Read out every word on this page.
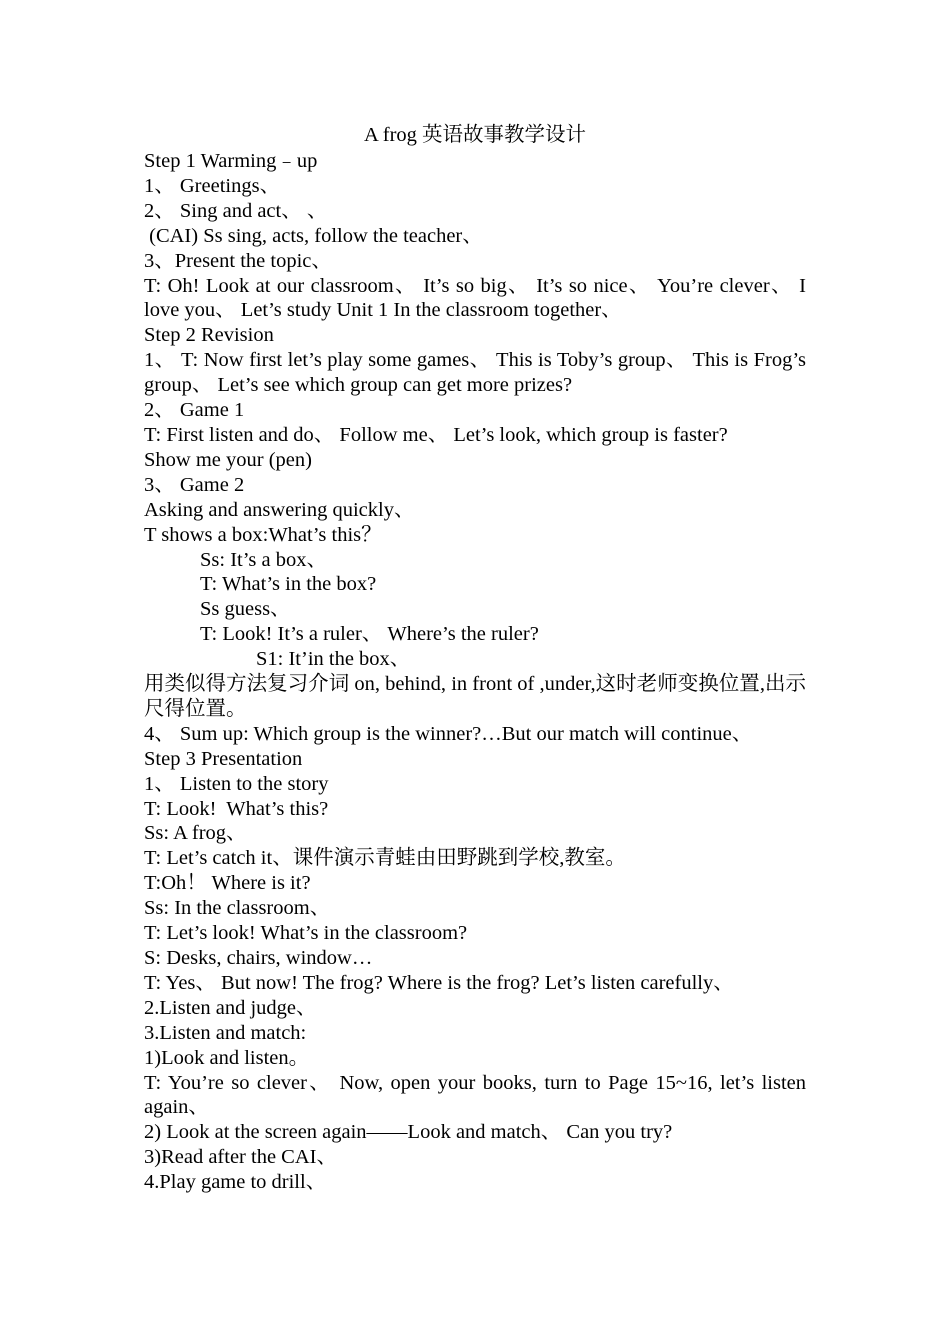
A frog 英语故事教学设计
Step 1 Warming﹣up
1、 Greetings、
2、 Sing and act、 、
(CAI) Ss sing, acts, follow the teacher、
3、Present the topic、
T: Oh! Look at our classroom、 It’s so big、 It’s so nice、 You’re clever、 I love you、 Let’s study Unit 1 In the classroom together、
Step 2 Revision
1、 T: Now first let’s play some games、 This is Toby’s group、 This is Frog’s group、 Let’s see which group can get more prizes?
2、 Game 1
T: First listen and do、 Follow me、 Let’s look, which group is faster?
Show me your (pen)
3、 Game 2
Asking and answering quickly、
T shows a box:What’s this？
Ss: It’s a box、
T: What’s in the box?
Ss guess、
T: Look! It’s a ruler、 Where’s the ruler?
S1: It’in the box、
用类似得方法复习介词 on, behind, in front of ,under,这时老师变换位置,出示尺得位置。
4、 Sum up: Which group is the winner?…But our match will continue、
Step 3 Presentation
1、 Listen to the story
T: Look!  What’s this?
Ss: A frog、
T: Let’s catch it、课件演示青蛙由田野跳到学校,教室。
T:Oh！ Where is it?
Ss: In the classroom、
T: Let’s look! What’s in the classroom?
S: Desks, chairs, window…
T: Yes、 But now! The frog? Where is the frog? Let’s listen carefully、
2.Listen and judge、
3.Listen and match:
1)Look and listen。
T: You’re so clever、 Now, open your books, turn to Page 15~16, let’s listen again、
2) Look at the screen again——Look and match、 Can you try?
3)Read after the CAI、
4.Play game to drill、
